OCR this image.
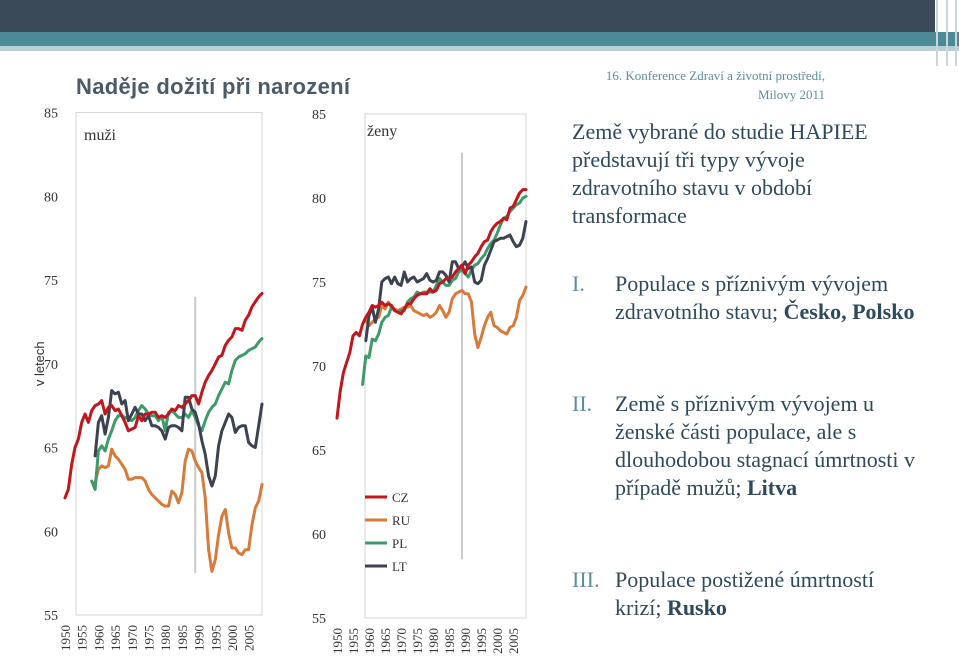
Naděje dožití při narození	16. Konference Zdraví a životní prostředí,
Milovy 2011
Země vybrané do studie HAPIEE představují tři typy vývoje zdravotního stavu v období transformace
I. Populace s příznivým vývojem zdravotního stavu; Česko, Polsko
II. Země s příznivým vývojem u ženské části populace, ale s dlouhodobou stagnací úmrtnosti v případě mužů; Litva
III. Populace postižené úmrtností krizí; Rusko
55
60
65
70
75
80
85
1950 1955 1960 1965 1970 1975 1980 1985 1990 1995 2000 2005
muži
v letech
55
60
65
70
75
80
85
1950 1955 1960 1965 1970 1975 1980 1985 1990 1995 2000 2005
ženy
CZ
RU
PL
LT
